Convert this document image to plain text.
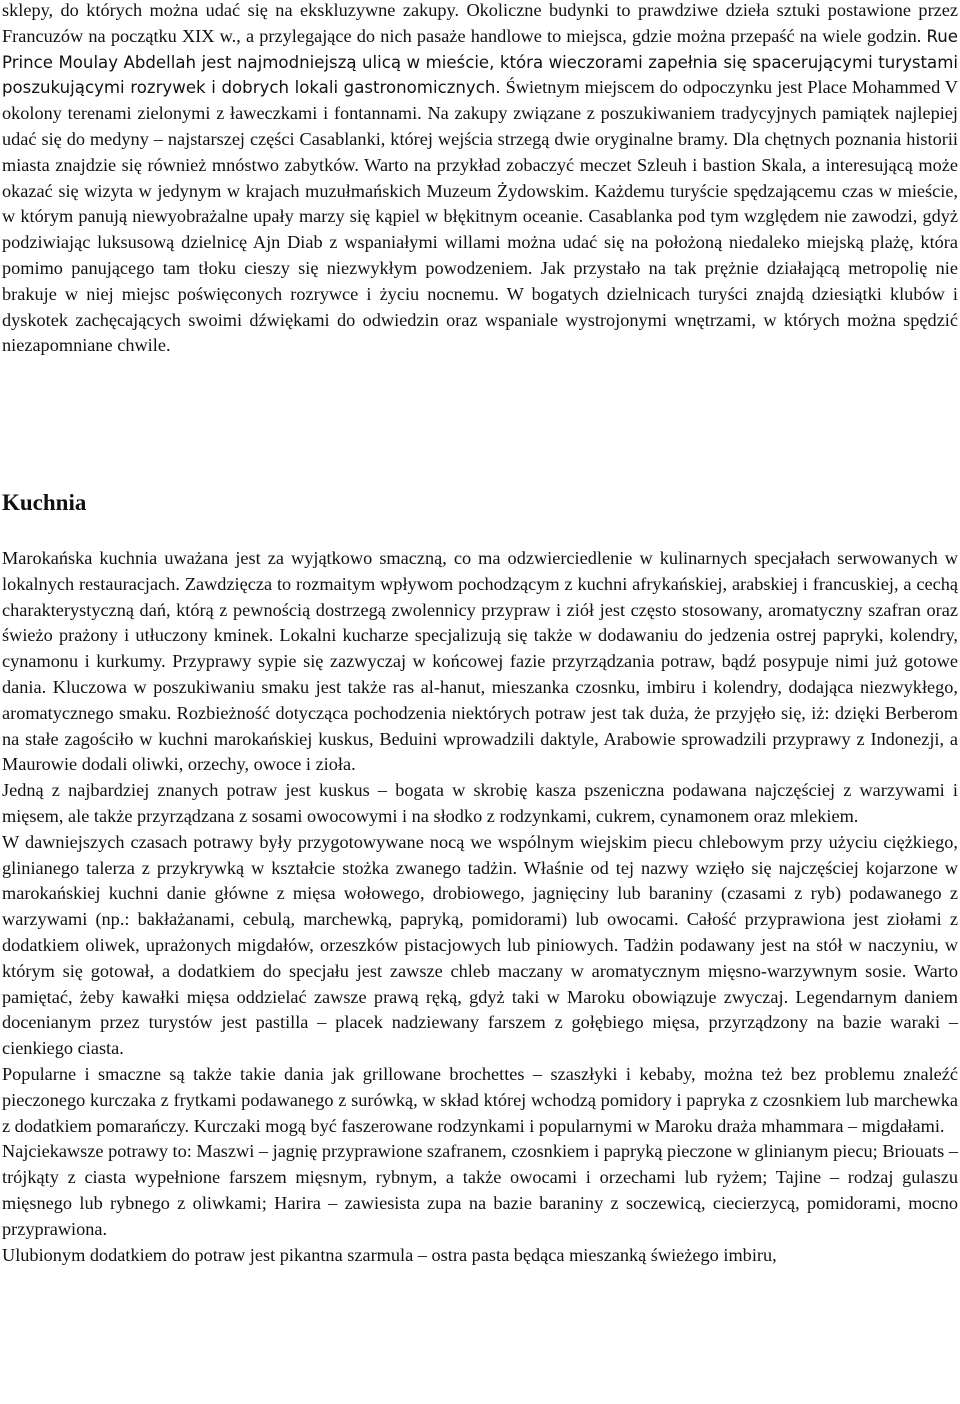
sklepy, do których można udać się na ekskluzywne zakupy. Okoliczne budynki to prawdziwe dzieła sztuki postawione przez Francuzów na początku XIX w., a przylegające do nich pasaże handlowe to miejsca, gdzie można przepaść na wiele godzin. Rue Prince Moulay Abdellah jest najmodniejszą ulicą w mieście, która wieczorami zapełnia się spacerującymi turystami poszukującymi rozrywek i dobrych lokali gastronomicznych. Świetnym miejscem do odpoczynku jest Place Mohammed V okolony terenami zielonymi z ławeczkami i fontannami. Na zakupy związane z poszukiwaniem tradycyjnych pamiątek najlepiej udać się do medyny – najstarszej części Casablanki, której wejścia strzegą dwie oryginalne bramy. Dla chętnych poznania historii miasta znajdzie się również mnóstwo zabytków. Warto na przykład zobaczyć meczet Szleuh i bastion Skala, a interesującą może okazać się wizyta w jedynym w krajach muzułmańskich Muzeum Żydowskim. Każdemu turyście spędzającemu czas w mieście, w którym panują niewyobrażalne upały marzy się kąpiel w błękitnym oceanie. Casablanka pod tym względem nie zawodzi, gdyż podziwiając luksusową dzielnicę Ajn Diab z wspaniałymi willami można udać się na położoną niedaleko miejską plażę, która pomimo panującego tam tłoku cieszy się niezwykłym powodzeniem. Jak przystało na tak prężnie działającą metropolię nie brakuje w niej miejsc poświęconych rozrywce i życiu nocnemu. W bogatych dzielnicach turyści znajdą dziesiątki klubów i dyskotek zachęcających swoimi dźwiękami do odwiedzin oraz wspaniale wystrojonymi wnętrzami, w których można spędzić niezapomniane chwile.

Kuchnia

Marokańska kuchnia uważana jest za wyjątkowo smaczną, co ma odzwierciedlenie w kulinarnych specjałach serwowanych w lokalnych restauracjach. Zawdzięcza to rozmaitym wpływom pochodzącym z kuchni afrykańskiej, arabskiej i francuskiej, a cechą charakterystyczną dań, którą z pewnością dostrzegą zwolennicy przypraw i ziół jest często stosowany, aromatyczny szafran oraz świeżo prażony i utłuczony kminek. Lokalni kucharze specjalizują się także w dodawaniu do jedzenia ostrej papryki, kolendry, cynamonu i kurkumy. Przyprawy sypie się zazwyczaj w końcowej fazie przyrządzania potraw, bądź posypuje nimi już gotowe dania. Kluczowa w poszukiwaniu smaku jest także ras al-hanut, mieszanka czosnku, imbiru i kolendry, dodająca niezwykłego, aromatycznego smaku. Rozbieżność dotycząca pochodzenia niektórych potraw jest tak duża, że przyjęło się, iż: dzięki Berberom na stałe zagościło w kuchni marokańskiej kuskus, Beduini wprowadzili daktyle, Arabowie sprowadzili przyprawy z Indonezji, a Maurowie dodali oliwki, orzechy, owoce i zioła.

Jedną z najbardziej znanych potraw jest kuskus – bogata w skrobię kasza pszeniczna podawana najczęściej z warzywami i mięsem, ale także przyrządzana z sosami owocowymi i na słodko z rodzynkami, cukrem, cynamonem oraz mlekiem.

W dawniejszych czasach potrawy były przygotowywane nocą we wspólnym wiejskim piecu chlebowym przy użyciu ciężkiego, glinianego talerza z przykrywką w kształcie stożka zwanego tadżin. Właśnie od tej nazwy wzięło się najczęściej kojarzone w marokańskiej kuchni danie główne z mięsa wołowego, drobiowego, jagnięciny lub baraniny (czasami z ryb) podawanego z warzywami (np.: bakłażanami, cebulą, marchewką, papryką, pomidorami) lub owocami. Całość przyprawiona jest ziołami z dodatkiem oliwek, uprażonych migdałów, orzeszków pistacjowych lub piniowych. Tadżin podawany jest na stół w naczyniu, w którym się gotował, a dodatkiem do specjału jest zawsze chleb maczany w aromatycznym mięsno-warzywnym sosie. Warto pamiętać, żeby kawałki mięsa oddzielać zawsze prawą ręką, gdyż taki w Maroku obowiązuje zwyczaj. Legendarnym daniem docenianym przez turystów jest pastilla – placek nadziewany farszem z gołębiego mięsa, przyrządzony na bazie waraki – cienkiego ciasta.

Popularne i smaczne są także takie dania jak grillowane brochettes – szaszłyki i kebaby, można też bez problemu znaleźć pieczonego kurczaka z frytkami podawanego z surówką, w skład której wchodzą pomidory i papryka z czosnkiem lub marchewka z dodatkiem pomarańczy. Kurczaki mogą być faszerowane rodzynkami i popularnymi w Maroku draża mhammara – migdałami.

Najciekawsze potrawy to: Maszwi – jagnię przyprawione szafranem, czosnkiem i papryką pieczone w glinianym piecu; Briouats – trójkąty z ciasta wypełnione farszem mięsnym, rybnym, a także owocami i orzechami lub ryżem; Tajine – rodzaj gulaszu mięsnego lub rybnego z oliwkami; Harira – zawiesista zupa na bazie baraniny z soczewicą, ciecierzycą, pomidorami, mocno przyprawiona.

Ulubionym dodatkiem do potraw jest pikantna szarmula – ostra pasta będąca mieszanką świeżego imbiru,
